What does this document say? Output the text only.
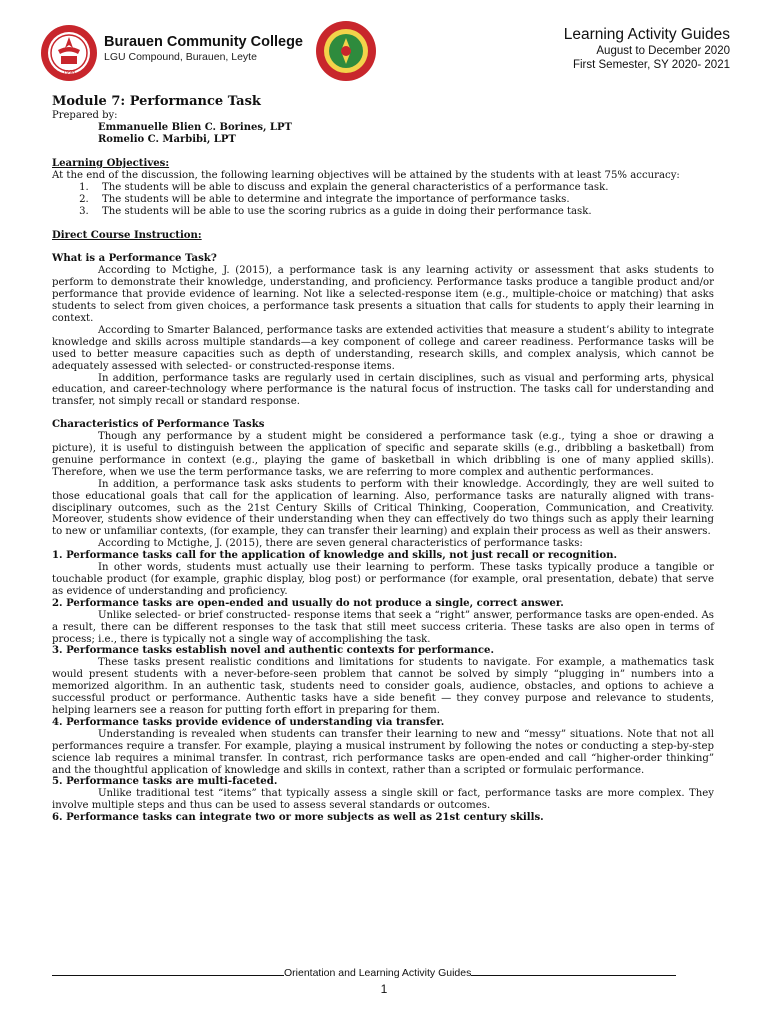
1998
Burauen Community College
LGU Compound, Burauen, Leyte
Learning Activity Guides
August to December 2020
First Semester, SY 2020- 2021

Module 7: Performance Task

Prepared by:

Emmanuelle Blien C. Borines, LPT
Romelio C. Marbibi, LPT

Learning Objectives:

At the end of the discussion, the following learning objectives will be attained by the students with at least 75% accuracy:

1. The students will be able to discuss and explain the general characteristics of a performance task.
2. The students will be able to determine and integrate the importance of performance tasks.
3. The students will be able to use the scoring rubrics as a guide in doing their performance task.

Direct Course Instruction:

What is a Performance Task?

According to Mctighe, J. (2015), a performance task is any learning activity or assessment that asks students to perform to demonstrate their knowledge, understanding, and proficiency. Performance tasks produce a tangible product and/or performance that provide evidence of learning. Not like a selected-response item (e.g., multiple-choice or matching) that asks students to select from given choices, a performance task presents a situation that calls for students to apply their learning in context.

According to Smarter Balanced, performance tasks are extended activities that measure a student’s ability to integrate knowledge and skills across multiple standards—a key component of college and career readiness. Performance tasks will be used to better measure capacities such as depth of understanding, research skills, and complex analysis, which cannot be adequately assessed with selected- or constructed-response items.

In addition, performance tasks are regularly used in certain disciplines, such as visual and performing arts, physical education, and career-technology where performance is the natural focus of instruction. The tasks call for understanding and transfer, not simply recall or standard response.

Characteristics of Performance Tasks

Though any performance by a student might be considered a performance task (e.g., tying a shoe or drawing a picture), it is useful to distinguish between the application of specific and separate skills (e.g., dribbling a basketball) from genuine performance in context (e.g., playing the game of basketball in which dribbling is one of many applied skills). Therefore, when we use the term performance tasks, we are referring to more complex and authentic performances.

In addition, a performance task asks students to perform with their knowledge. Accordingly, they are well suited to those educational goals that call for the application of learning. Also, performance tasks are naturally aligned with trans-disciplinary outcomes, such as the 21st Century Skills of Critical Thinking, Cooperation, Communication, and Creativity. Moreover, students show evidence of their understanding when they can effectively do two things such as apply their learning to new or unfamiliar contexts, (for example, they can transfer their learning) and explain their process as well as their answers.

According to Mctighe, J. (2015), there are seven general characteristics of performance tasks:

1. Performance tasks call for the application of knowledge and skills, not just recall or recognition.

In other words, students must actually use their learning to perform. These tasks typically produce a tangible or touchable product (for example, graphic display, blog post) or performance (for example, oral presentation, debate) that serve as evidence of understanding and proficiency.

2. Performance tasks are open-ended and usually do not produce a single, correct answer.

Unlike selected- or brief constructed- response items that seek a “right” answer, performance tasks are open-ended. As a result, there can be different responses to the task that still meet success criteria. These tasks are also open in terms of process; i.e., there is typically not a single way of accomplishing the task.

3. Performance tasks establish novel and authentic contexts for performance.

These tasks present realistic conditions and limitations for students to navigate. For example, a mathematics task would present students with a never-before-seen problem that cannot be solved by simply “plugging in” numbers into a memorized algorithm. In an authentic task, students need to consider goals, audience, obstacles, and options to achieve a successful product or performance. Authentic tasks have a side benefit — they convey purpose and relevance to students, helping learners see a reason for putting forth effort in preparing for them.

4. Performance tasks provide evidence of understanding via transfer.

Understanding is revealed when students can transfer their learning to new and “messy” situations. Note that not all performances require a transfer. For example, playing a musical instrument by following the notes or conducting a step-by-step science lab requires a minimal transfer. In contrast, rich performance tasks are open-ended and call “higher-order thinking” and the thoughtful application of knowledge and skills in context, rather than a scripted or formulaic performance.

5. Performance tasks are multi-faceted.

Unlike traditional test “items” that typically assess a single skill or fact, performance tasks are more complex. They involve multiple steps and thus can be used to assess several standards or outcomes.

6. Performance tasks can integrate two or more subjects as well as 21st century skills.

Orientation and Learning Activity Guides
1
